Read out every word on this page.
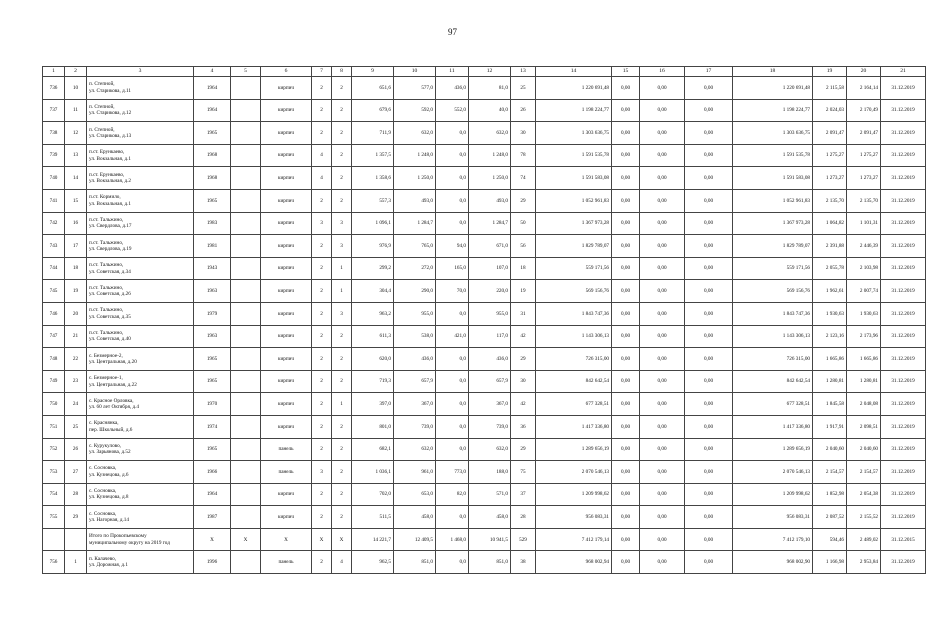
97
1	2	3	4	5	6	7	8	9	10	11	12	13	14	15	16	17	18	19	20	21
736	10	п. Степной,
ул. Старикова, д.11	1964		кирпич	2	2	651,6	577,0	436,0	81,0	25	1 220 691,48	0,00	0,00	0,00	1 220 691,48	2 115,58	2 164,14	31.12.2019
737	11	п. Степной,
ул. Старикова, д.12	1964		кирпич	2	2	679,6	592,0	552,0	40,0	26	1 198 224,77	0,00	0,00	0,00	1 198 224,77	2 024,03	2 170,49	31.12.2019
738	12	п. Степной,
ул. Старикова, д.13	1965		кирпич	2	2	711,9	632,0	0,0	632,0	30	1 303 636,75	0,00	0,00	0,00	1 303 636,75	2 091,47	2 091,47	31.12.2019
739	13	п.ст. Ерункаево,
ул. Вокзальная, д.1	1968		кирпич	4	2	1 357,5	1 248,0	0,0	1 248,0	78	1 591 535,78	0,00	0,00	0,00	1 591 535,78	1 275,27	1 275,27	31.12.2019
740	14	п.ст. Ерункаево,
ул. Вокзальная, д.2	1968		кирпич	4	2	1 358,6	1 250,0	0,0	1 250,0	74	1 591 583,08	0,00	0,00	0,00	1 591 583,08	1 273,27	1 273,27	31.12.2019
741	15	п.ст. Кормило,
ул. Вокзальная, д.1	1965		кирпич	2	2	557,3	493,0	0,0	493,0	29	1 052 961,83	0,00	0,00	0,00	1 052 961,83	2 135,70	2 135,70	31.12.2019
742	16	п.ст. Тальжино,
ул. Свердлова, д.17	1983		кирпич	3	3	1 096,1	1 284,7	0,0	1 284,7	50	1 367 973,28	0,00	0,00	0,00	1 367 973,28	1 064,82	1 101,31	31.12.2019
743	17	п.ст. Тальжино,
ул. Свердлова, д.19	1981		кирпич	2	3	976,9	765,0	94,0	671,0	56	1 829 789,07	0,00	0,00	0,00	1 829 789,07	2 391,88	2 446,39	31.12.2019
744	18	п.ст. Тальжино,
ул. Советская, д.34	1943		кирпич	2	1	299,2	272,0	165,0	107,0	18	559 171,56	0,00	0,00	0,00	559 171,56	2 055,78	2 103,98	31.12.2019
745	19	п.ст. Тальжино,
ул. Советская, д.26	1963		кирпич	2	1	304,4	290,0	70,0	220,0	19	569 156,76	0,00	0,00	0,00	569 156,76	1 962,61	2 007,74	31.12.2019
746	20	п.ст. Тальжино,
ул. Советская, д.35	1979		кирпич	2	3	963,2	955,0	0,0	955,0	31	1 843 747,36	0,00	0,00	0,00	1 843 747,36	1 930,63	1 930,63	31.12.2019
747	21	п.ст. Тальжино,
ул. Советская, д.40	1963		кирпич	2	2	611,3	538,0	421,0	117,0	42	1 143 306,13	0,00	0,00	0,00	1 143 306,13	2 123,16	2 173,96	31.12.2019
748	22	с. Безмерное-2,
ул. Центральная, д.20	1965		кирпич	2	2	620,0	436,0	0,0	436,0	29	726 315,00	0,00	0,00	0,00	726 315,00	1 665,86	1 665,86	31.12.2019
749	23	с. Безмерное-1,
ул. Центральная, д.22	1965		кирпич	2	2	719,3	657,9	0,0	657,9	30	842 642,54	0,00	0,00	0,00	842 642,54	1 280,81	1 280,81	31.12.2019
750	24	с. Красное Орловка,
ул. 60 лет Октября, д.4	1970		кирпич	2	1	397,0	367,0	0,0	367,0	42	677 328,51	0,00	0,00	0,00	677 328,51	1 845,58	2 048,08	31.12.2019
751	25	с. Краснянка,
пер. Школьный, д.6	1974		кирпич	2	2	801,0	739,0	0,0	739,0	36	1 417 336,80	0,00	0,00	0,00	1 417 336,80	1 917,91	2 098,51	31.12.2019
752	26	с. Курукулово,
ул. Зарьянова, д.52	1965		панель	2	2	682,1	632,0	0,0	632,0	29	1 289 656,19	0,00	0,00	0,00	1 289 656,19	2 040,60	2 040,60	31.12.2019
753	27	с. Сосновка,
ул. Кузнецова, д.6	1966		панель	3	2	1 036,1	961,0	773,0	188,0	75	2 070 546,13	0,00	0,00	0,00	2 070 546,13	2 154,57	2 154,57	31.12.2019
754	28	с. Сосновка,
ул. Кузнецова, д.8	1964		кирпич	2	2	702,0	653,0	82,0	571,0	37	1 209 998,62	0,00	0,00	0,00	1 209 998,62	1 852,98	2 054,38	31.12.2019
755	29	с. Сосновка,
ул. Нагорная, д.14	1987		кирпич	2	2	511,5	458,0	0,0	458,0	28	956 083,31	0,00	0,00	0,00	956 083,31	2 087,52	2 155,52	31.12.2019

		Итого по Прокопьевскому
муниципальному округу на 2019 год	X	X	X	X	X	14 221,7	12 409,5	1 468,0	10 941,5	529	7 412 179,14	0,00	0,00	0,00	7 412 179,10	594,46	2 489,02	31.12.2015
756	1	п. Калачево,
ул. Дорожная, д.1	1996		панель	2	4	962,5	851,0	0,0	851,0	38	968 002,94	0,00	0,00	0,00	968 002,90	1 166,98	2 953,84	31.12.2019
